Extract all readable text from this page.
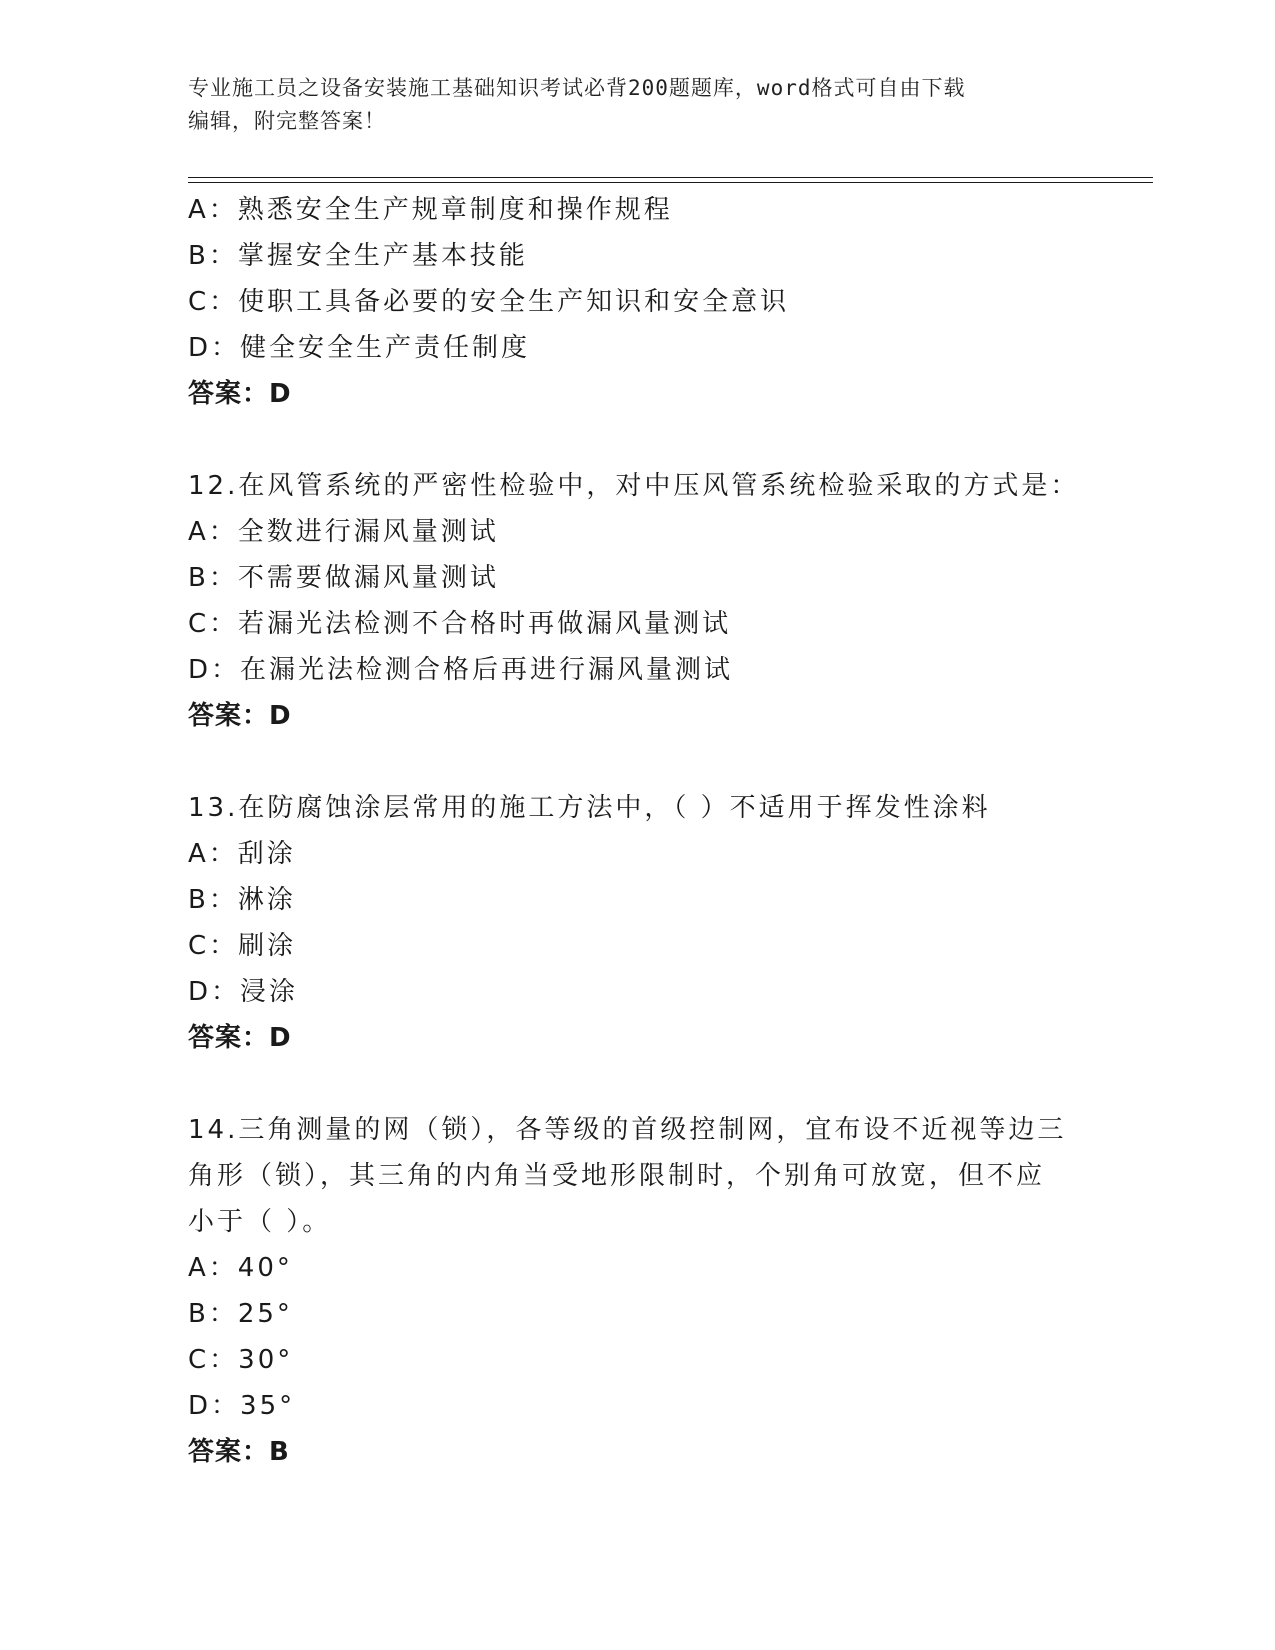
专业施工员之设备安装施工基础知识考试必背200题题库，word格式可自由下载
编辑，附完整答案！
A：熟悉安全生产规章制度和操作规程
B：掌握安全生产基本技能
C：使职工具备必要的安全生产知识和安全意识
D：健全安全生产责任制度
答案：D
12.在风管系统的严密性检验中，对中压风管系统检验采取的方式是：
A：全数进行漏风量测试
B：不需要做漏风量测试
C：若漏光法检测不合格时再做漏风量测试
D：在漏光法检测合格后再进行漏风量测试
答案：D
13.在防腐蚀涂层常用的施工方法中，（ ）不适用于挥发性涂料
A：刮涂
B：淋涂
C：刷涂
D：浸涂
答案：D
14.三角测量的网（锁），各等级的首级控制网，宜布设不近视等边三
角形（锁），其三角的内角当受地形限制时，个别角可放宽，但不应
小于（ ）。
A：40°
B：25°
C：30°
D：35°
答案：B
